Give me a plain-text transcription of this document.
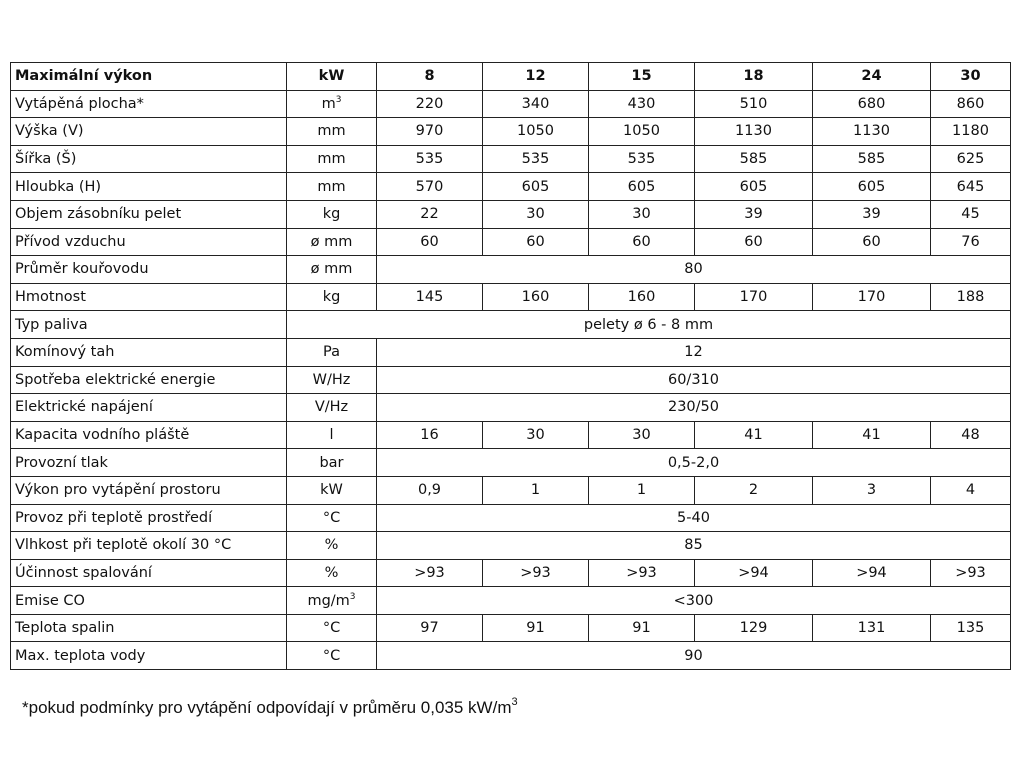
Maximální výkon	kW	8	12	15	18	24	30
Vytápěná plocha*	$m^3$	220	340	430	510	680	860
Výška (V)	mm	970	1050	1050	1130	1130	1180
Šířka (Š)	mm	535	535	535	585	585	625
Hloubka (H)	mm	570	605	605	605	605	645
Objem zásobníku pelet	kg	22	30	30	39	39	45
Přívod vzduchu	ø mm	60	60	60	60	60	76
Průměr kouřovodu	ø mm	80					
Hmotnost	kg	145	160	160	170	170	188
Typ paliva	pelety ø 6 - 8 mm						
Komínový tah	Pa	12					
Spotřeba elektrické energie	W/Hz	60/310					
Elektrické napájení	V/Hz	230/50					
Kapacita vodního pláště	l	16	30	30	41	41	48
Provozní tlak	bar	0,5-2,0					
Výkon pro vytápění prostoru	kW	0,9	1	1	2	3	4
Provoz při teplotě prostředí	°C	5-40					
Vlhkost při teplotě okolí 30 °C	%	85					
Účinnost spalování	%	>93	>93	>93	>94	>94	>93
Emise CO	$mg/m^3$	<300					
Teplota spalin	°C	97	91	91	129	131	135
Max. teplota vody	°C	90					
*pokud podmínky pro vytápění odpovídají v průměru 0,035 $kW/m^3$
